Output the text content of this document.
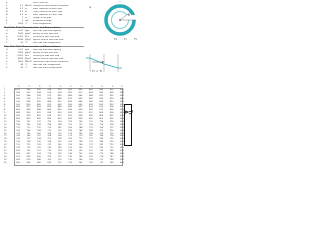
q	heat / time (W)
k	0.7 W/m·K conductive heat transfer coefficient
R₀	0.1 m	Inner Diameter of Inner Tube
R₁	0.2 m	Outer Diameter of Inner Tube
R₂	0.2 m	Inner Diameter of Outer Tube
L	1 m	Length of the pipe
θ	0 rad	increment of angle
T	1000 °C	inner temperature
Shell Side Fluid Characteristics and Nomenclature
Q	0.01 kg/s	shell side fluid flow capacity
ρ	1000 kg/m³	density of shell side fluid
μ	0.001 Pa·s	viscosity of shell side fluid
Cₚ	4180 J/kg·K	specific heat of shell side fluid
Tᵢ	20 °C	shell side inlet temperature
Tube Side Fluid Characteristics and Nomenclature
Q	0.01 kg/s	tube side fluid flow capacity
ρ	1000 kg/m³	density of tube side fluid
μ	0.001 Pa·s	viscosity of tube side fluid
Cₚ	4180 J/kg·K	specific heat of tube side fluid
h	1500 W/m²K convective heat transfer coefficient
Tᵢ	80 °C	tube side inlet temperature
Tₒ	25 °C	tube side outlet temperature
q
θ
T₀	T₁	T₂
T₁ < T₂
i	T₀	T₁	T₂	T₃	T₄	T₅	T₆	T₇	T₈	T₉	T₁₀
1	1000	980	960	940	920	900	880	860	840	820	800
2	980	962	944	926	908	890	872	854	836	818	800
3	960	944	928	912	896	880	864	848	832	816	800
4	940	926	912	898	884	870	856	842	828	814	800
5	920	908	896	884	872	860	848	836	824	812	800
6	900	890	880	870	860	850	840	830	820	810	800
7	880	872	864	856	848	840	832	824	816	808	800
8	860	854	848	842	836	830	824	818	812	806	800
9	840	836	832	828	824	820	816	812	808	804	800
10	820	818	816	814	812	810	808	806	804	802	800
11	800	800	800	800	800	800	800	800	800	800	800
12	790	791	792	793	794	795	796	797	798	799	800
13	780	782	784	786	788	790	792	794	796	798	800
14	770	773	776	779	782	785	788	791	794	797	800
15	760	764	768	772	776	780	784	788	792	796	800
16	750	755	760	765	770	775	780	785	790	795	800
17	740	746	752	758	764	770	776	782	788	794	800
18	730	737	744	751	758	765	772	779	786	793	800
19	720	728	736	744	752	760	768	776	784	792	800
20	710	719	728	737	746	755	764	773	782	791	800
21	700	710	720	730	740	750	760	770	780	790	800
22	690	701	712	723	734	745	756	767	778	789	800
23	680	692	704	716	728	740	752	764	776	788	800
24	670	683	696	709	722	735	748	761	774	787	800
25	660	674	688	702	716	730	744	758	772	786	800
26	650	665	680	695	710	725	740	755	770	785	800
T₂ A
